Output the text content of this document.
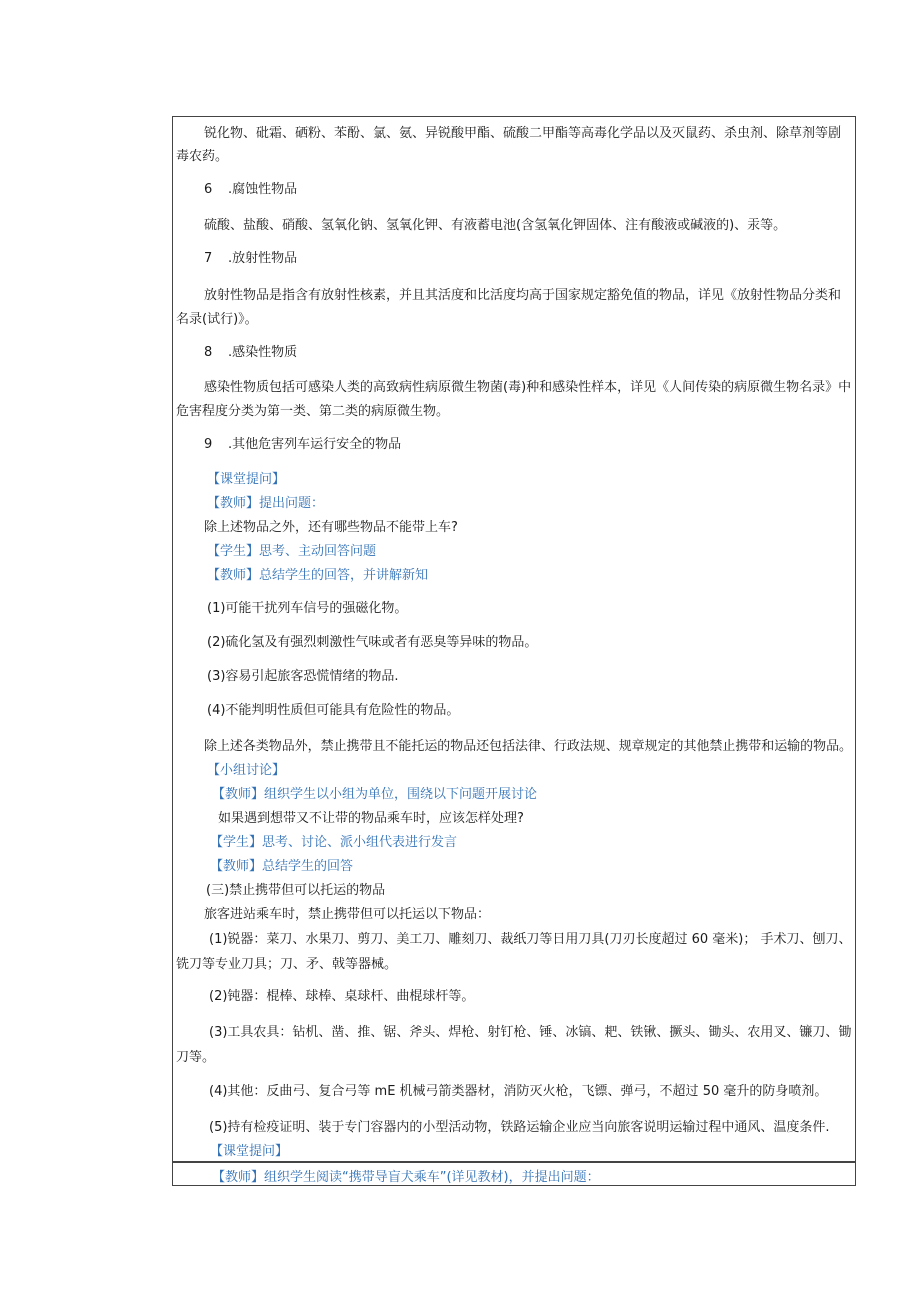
锐化物、砒霜、硒粉、苯酚、氯、氨、异锐酸甲酯、硫酸二甲酯等高毒化学品以及灭鼠药、杀虫剂、除草剂等剧
毒农药。
6 .腐蚀性物品
硫酸、盐酸、硝酸、氢氧化钠、氢氧化钾、有液蓄电池(含氢氧化钾固体、注有酸液或碱液的)、汞等。
7 .放射性物品
放射性物品是指含有放射性核素，并且其活度和比活度均高于国家规定豁免值的物品，详见《放射性物品分类和
名录(试行)》。
8 .感染性物质
感染性物质包括可感染人类的高致病性病原微生物菌(毒)种和感染性样本，详见《人间传染的病原微生物名录》中
危害程度分类为第一类、第二类的病原微生物。
9 .其他危害列车运行安全的物品
【课堂提问】
【教师】提出问题：
除上述物品之外，还有哪些物品不能带上车?
【学生】思考、主动回答问题
【教师】总结学生的回答，并讲解新知
(1)可能干扰列车信号的强磁化物。
(2)硫化氢及有强烈刺激性气味或者有恶臭等异味的物品。
(3)容易引起旅客恐慌情绪的物品.
(4)不能判明性质但可能具有危险性的物品。
除上述各类物品外，禁止携带且不能托运的物品还包括法律、行政法规、规章规定的其他禁止携带和运输的物品。
【小组讨论】
【教师】组织学生以小组为单位，围绕以下问题开展讨论
如果遇到想带又不让带的物品乘车时，应该怎样处理?
【学生】思考、讨论、派小组代表进行发言
【教师】总结学生的回答
(三)禁止携带但可以托运的物品
旅客进站乘车时，禁止携带但可以托运以下物品：
(1)锐器：菜刀、水果刀、剪刀、美工刀、雕刻刀、裁纸刀等日用刀具(刀刃长度超过 60 毫米)； 手术刀、刨刀、
铣刀等专业刀具；刀、矛、戟等器械。
(2)钝器：棍棒、球棒、桌球杆、曲棍球杆等。
(3)工具农具：钻机、凿、推、锯、斧头、焊枪、射钉枪、锤、冰镐、耙、铁锹、撅头、锄头、农用叉、镰刀、锄
刀等。
(4)其他：反曲弓、复合弓等 mE 机械弓箭类器材，消防灭火枪，飞镖、弹弓，不超过 50 毫升的防身喷剂。
(5)持有检疫证明、装于专门容器内的小型活动物，铁路运输企业应当向旅客说明运输过程中通风、温度条件.
【课堂提问】
【教师】组织学生阅读“携带导盲犬乘车”(详见教材)，并提出问题：
